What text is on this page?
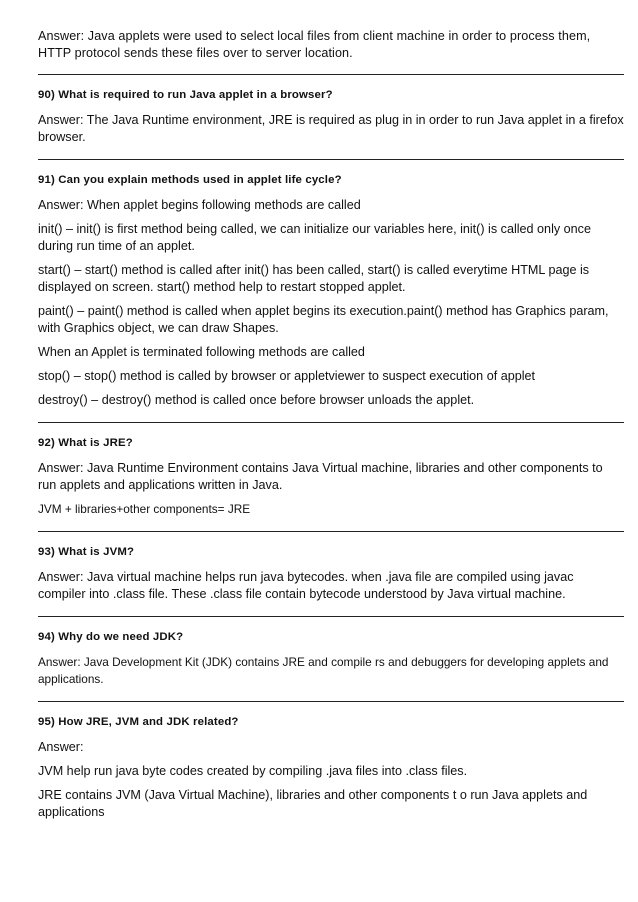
Answer: Java applets were used to select local files from client machine in order to process them, HTTP protocol sends these files over to server location.

90) What is required to run Java applet in a browser?

Answer: The Java Runtime environment, JRE is required as plug in in order to run Java applet in a firefox browser.

91) Can you explain methods used in applet life cycle?

Answer: When applet begins following methods are called

init() – init() is first method being called, we can initialize our variables here, init() is called only once during run time of an applet.

start() – start() method is called after init() has been called, start() is called everytime HTML page is displayed on screen. start() method help to restart stopped applet.

paint() – paint() method is called when applet begins its execution.paint() method has Graphics param, with Graphics object, we can draw Shapes.

When an Applet is terminated following methods are called

stop() – stop() method is called by browser or appletviewer to suspect execution of applet

destroy() – destroy() method is called once before browser unloads the applet.

92) What is JRE?

Answer: Java Runtime Environment contains Java Virtual machine, libraries and other components to run applets and applications written in Java.

JVM + libraries+other components= JRE

93) What is JVM?

Answer: Java virtual machine helps run java bytecodes. when .java file are compiled using javac compiler into .class file. These .class file contain bytecode understood by Java virtual machine.

94) Why do we need JDK?

Answer: Java Development Kit (JDK) contains JRE and compile rs and debuggers for developing applets and applications.

95) How JRE, JVM and JDK related?

Answer:

JVM help run java byte codes created by compiling .java files into .class files.

JRE contains JVM (Java Virtual Machine), libraries and other components t o run Java applets and applications
